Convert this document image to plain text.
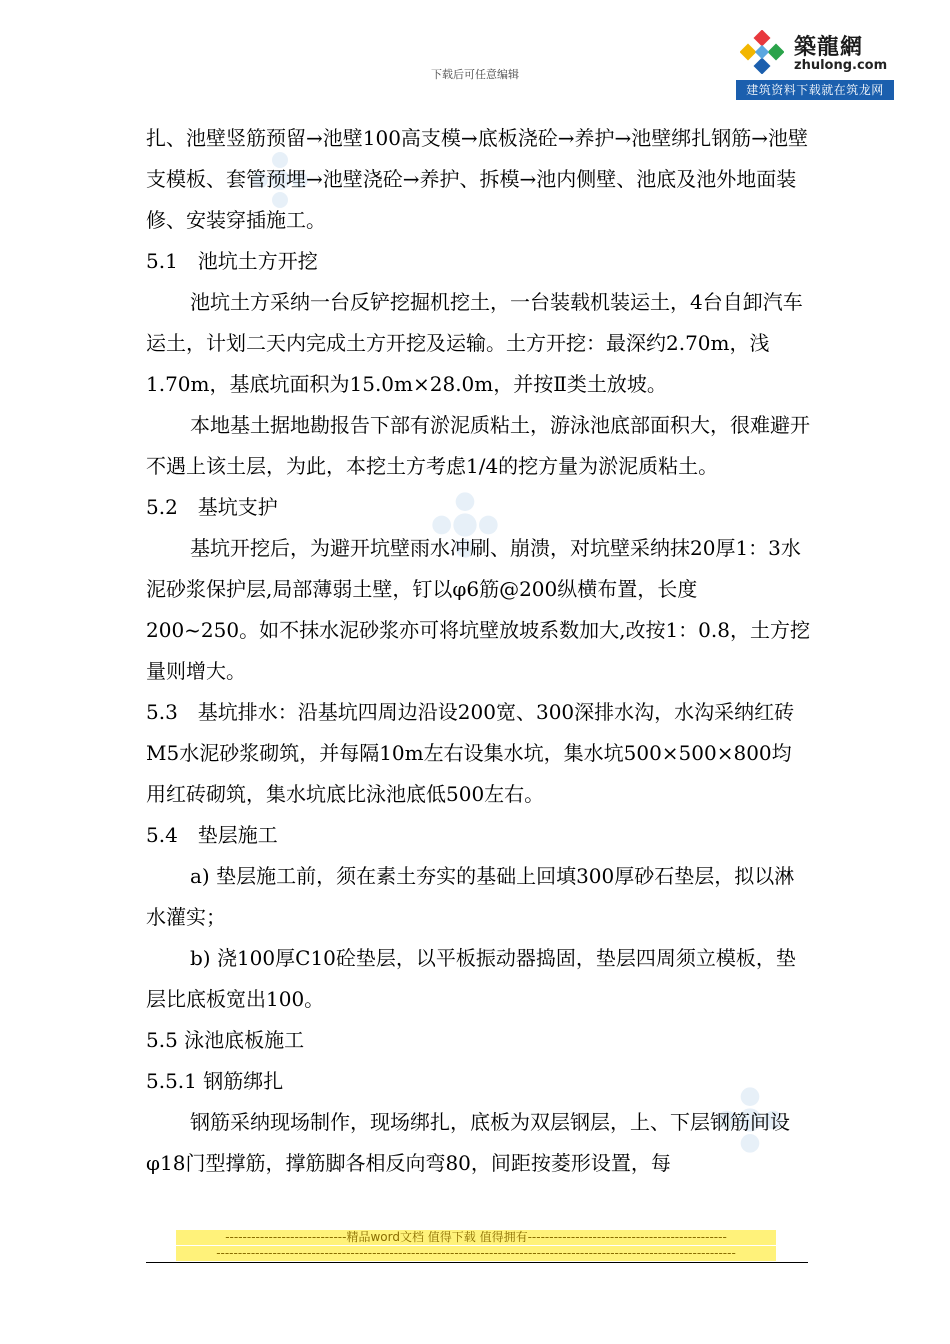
下载后可任意编辑
築龍網
zhulong.com
建筑资料下载就在筑龙网

扎、池壁竖筋预留→池壁100高支模→底板浇砼→养护→池壁绑扎钢筋→池壁支模板、套管预埋→池壁浇砼→养护、拆模→池内侧壁、池底及池外地面装修、安装穿插施工。

5.1　池坑土方开挖

池坑土方采纳一台反铲挖掘机挖土，一台装载机装运土，4台自卸汽车运土，计划二天内完成土方开挖及运输。土方开挖：最深约2.70m，浅1.70m，基底坑面积为15.0m×28.0m，并按Ⅱ类土放坡。

本地基土据地勘报告下部有淤泥质粘土，游泳池底部面积大，很难避开不遇上该土层，为此，本挖土方考虑1/4的挖方量为淤泥质粘土。

5.2　基坑支护

基坑开挖后，为避开坑壁雨水冲刷、崩溃，对坑壁采纳抹20厚1：3水泥砂浆保护层,局部薄弱土壁，钉以φ6筋@200纵横布置，长度200~250。如不抹水泥砂浆亦可将坑壁放坡系数加大,改按1：0.8，土方挖量则增大。

5.3　基坑排水：沿基坑四周边沿设200宽、300深排水沟，水沟采纳红砖M5水泥砂浆砌筑，并每隔10m左右设集水坑，集水坑500×500×800均用红砖砌筑，集水坑底比泳池底低500左右。

5.4　垫层施工

a) 垫层施工前，须在素土夯实的基础上回填300厚砂石垫层，拟以淋水灌实；

b) 浇100厚C10砼垫层，以平板振动器捣固，垫层四周须立模板，垫层比底板宽出100。

5.5 泳池底板施工

5.5.1 钢筋绑扎

钢筋采纳现场制作，现场绑扎，底板为双层钢层，上、下层钢筋间设φ18门型撑筋，撑筋脚各相反向弯80，间距按菱形设置，每

----------------------------精品word文档 值得下载 值得拥有----------------------------------------------
------------------------------------------------------------------------------------------------------------------------
